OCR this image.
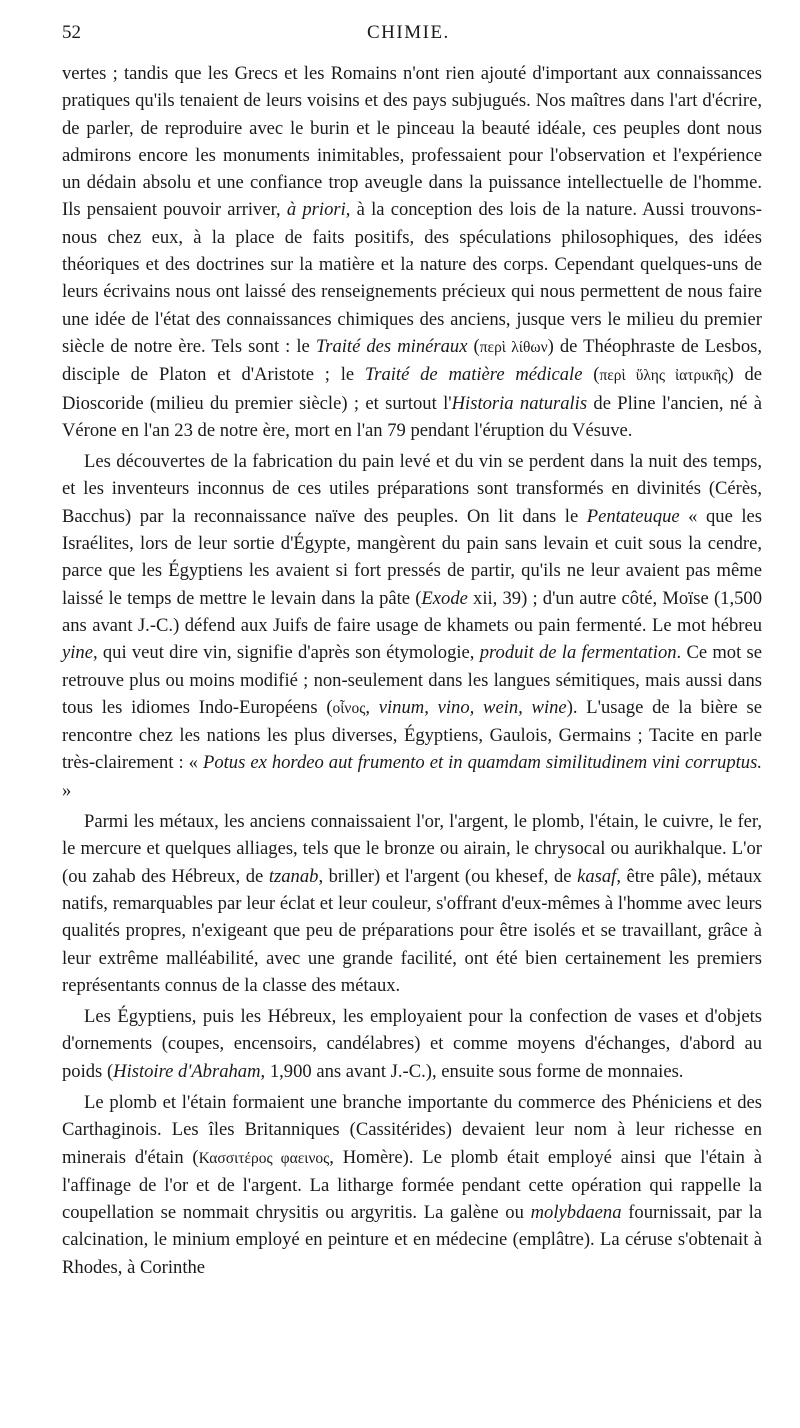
52	CHIMIE.

vertes ; tandis que les Grecs et les Romains n'ont rien ajouté d'important aux connaissances pratiques qu'ils tenaient de leurs voisins et des pays subjugués. Nos maîtres dans l'art d'écrire, de parler, de reproduire avec le burin et le pinceau la beauté idéale, ces peuples dont nous admirons encore les monuments inimitables, professaient pour l'observation et l'expérience un dédain absolu et une confiance trop aveugle dans la puissance intellectuelle de l'homme. Ils pensaient pouvoir arriver, à priori, à la conception des lois de la nature. Aussi trouvons-nous chez eux, à la place de faits positifs, des spéculations philosophiques, des idées théoriques et des doctrines sur la matière et la nature des corps. Cependant quelques-uns de leurs écrivains nous ont laissé des renseignements précieux qui nous permettent de nous faire une idée de l'état des connaissances chimiques des anciens, jusque vers le milieu du premier siècle de notre ère. Tels sont : le Traité des minéraux (περὶ λίθων) de Théophraste de Lesbos, disciple de Platon et d'Aristote ; le Traité de matière médicale (περὶ ὕλης ἰατρικῆς) de Dioscoride (milieu du premier siècle) ; et surtout l'Historia naturalis de Pline l'ancien, né à Vérone en l'an 23 de notre ère, mort en l'an 79 pendant l'éruption du Vésuve.

Les découvertes de la fabrication du pain levé et du vin se perdent dans la nuit des temps, et les inventeurs inconnus de ces utiles préparations sont transformés en divinités (Cérès, Bacchus) par la reconnaissance naïve des peuples. On lit dans le Pentateuque « que les Israélites, lors de leur sortie d'Égypte, mangèrent du pain sans levain et cuit sous la cendre, parce que les Égyptiens les avaient si fort pressés de partir, qu'ils ne leur avaient pas même laissé le temps de mettre le levain dans la pâte (Exode xii, 39) ; d'un autre côté, Moïse (1,500 ans avant J.-C.) défend aux Juifs de faire usage de khamets ou pain fermenté. Le mot hébreu yine, qui veut dire vin, signifie d'après son étymologie, produit de la fermentation. Ce mot se retrouve plus ou moins modifié ; non-seulement dans les langues sémitiques, mais aussi dans tous les idiomes Indo-Européens (οἶνος, vinum, vino, wein, wine). L'usage de la bière se rencontre chez les nations les plus diverses, Égyptiens, Gaulois, Germains ; Tacite en parle très-clairement : « Potus ex hordeo aut frumento et in quamdam similitudinem vini corruptus. »

Parmi les métaux, les anciens connaissaient l'or, l'argent, le plomb, l'étain, le cuivre, le fer, le mercure et quelques alliages, tels que le bronze ou airain, le chrysocal ou aurikhalque. L'or (ou zahab des Hébreux, de tzanab, briller) et l'argent (ou khesef, de kasaf, être pâle), métaux natifs, remarquables par leur éclat et leur couleur, s'offrant d'eux-mêmes à l'homme avec leurs qualités propres, n'exigeant que peu de préparations pour être isolés et se travaillant, grâce à leur extrême malléabilité, avec une grande facilité, ont été bien certainement les premiers représentants connus de la classe des métaux.

Les Égyptiens, puis les Hébreux, les employaient pour la confection de vases et d'objets d'ornements (coupes, encensoirs, candélabres) et comme moyens d'échanges, d'abord au poids (Histoire d'Abraham, 1,900 ans avant J.-C.), ensuite sous forme de monnaies.

Le plomb et l'étain formaient une branche importante du commerce des Phéniciens et des Carthaginois. Les îles Britanniques (Cassitérides) devaient leur nom à leur richesse en minerais d'étain (Κασσιτέρος φαεινος, Homère). Le plomb était employé ainsi que l'étain à l'affinage de l'or et de l'argent. La litharge formée pendant cette opération qui rappelle la coupellation se nommait chrysitis ou argyritis. La galène ou molybdaena fournissait, par la calcination, le minium employé en peinture et en médecine (emplâtre). La céruse s'obtenait à Rhodes, à Corinthe
